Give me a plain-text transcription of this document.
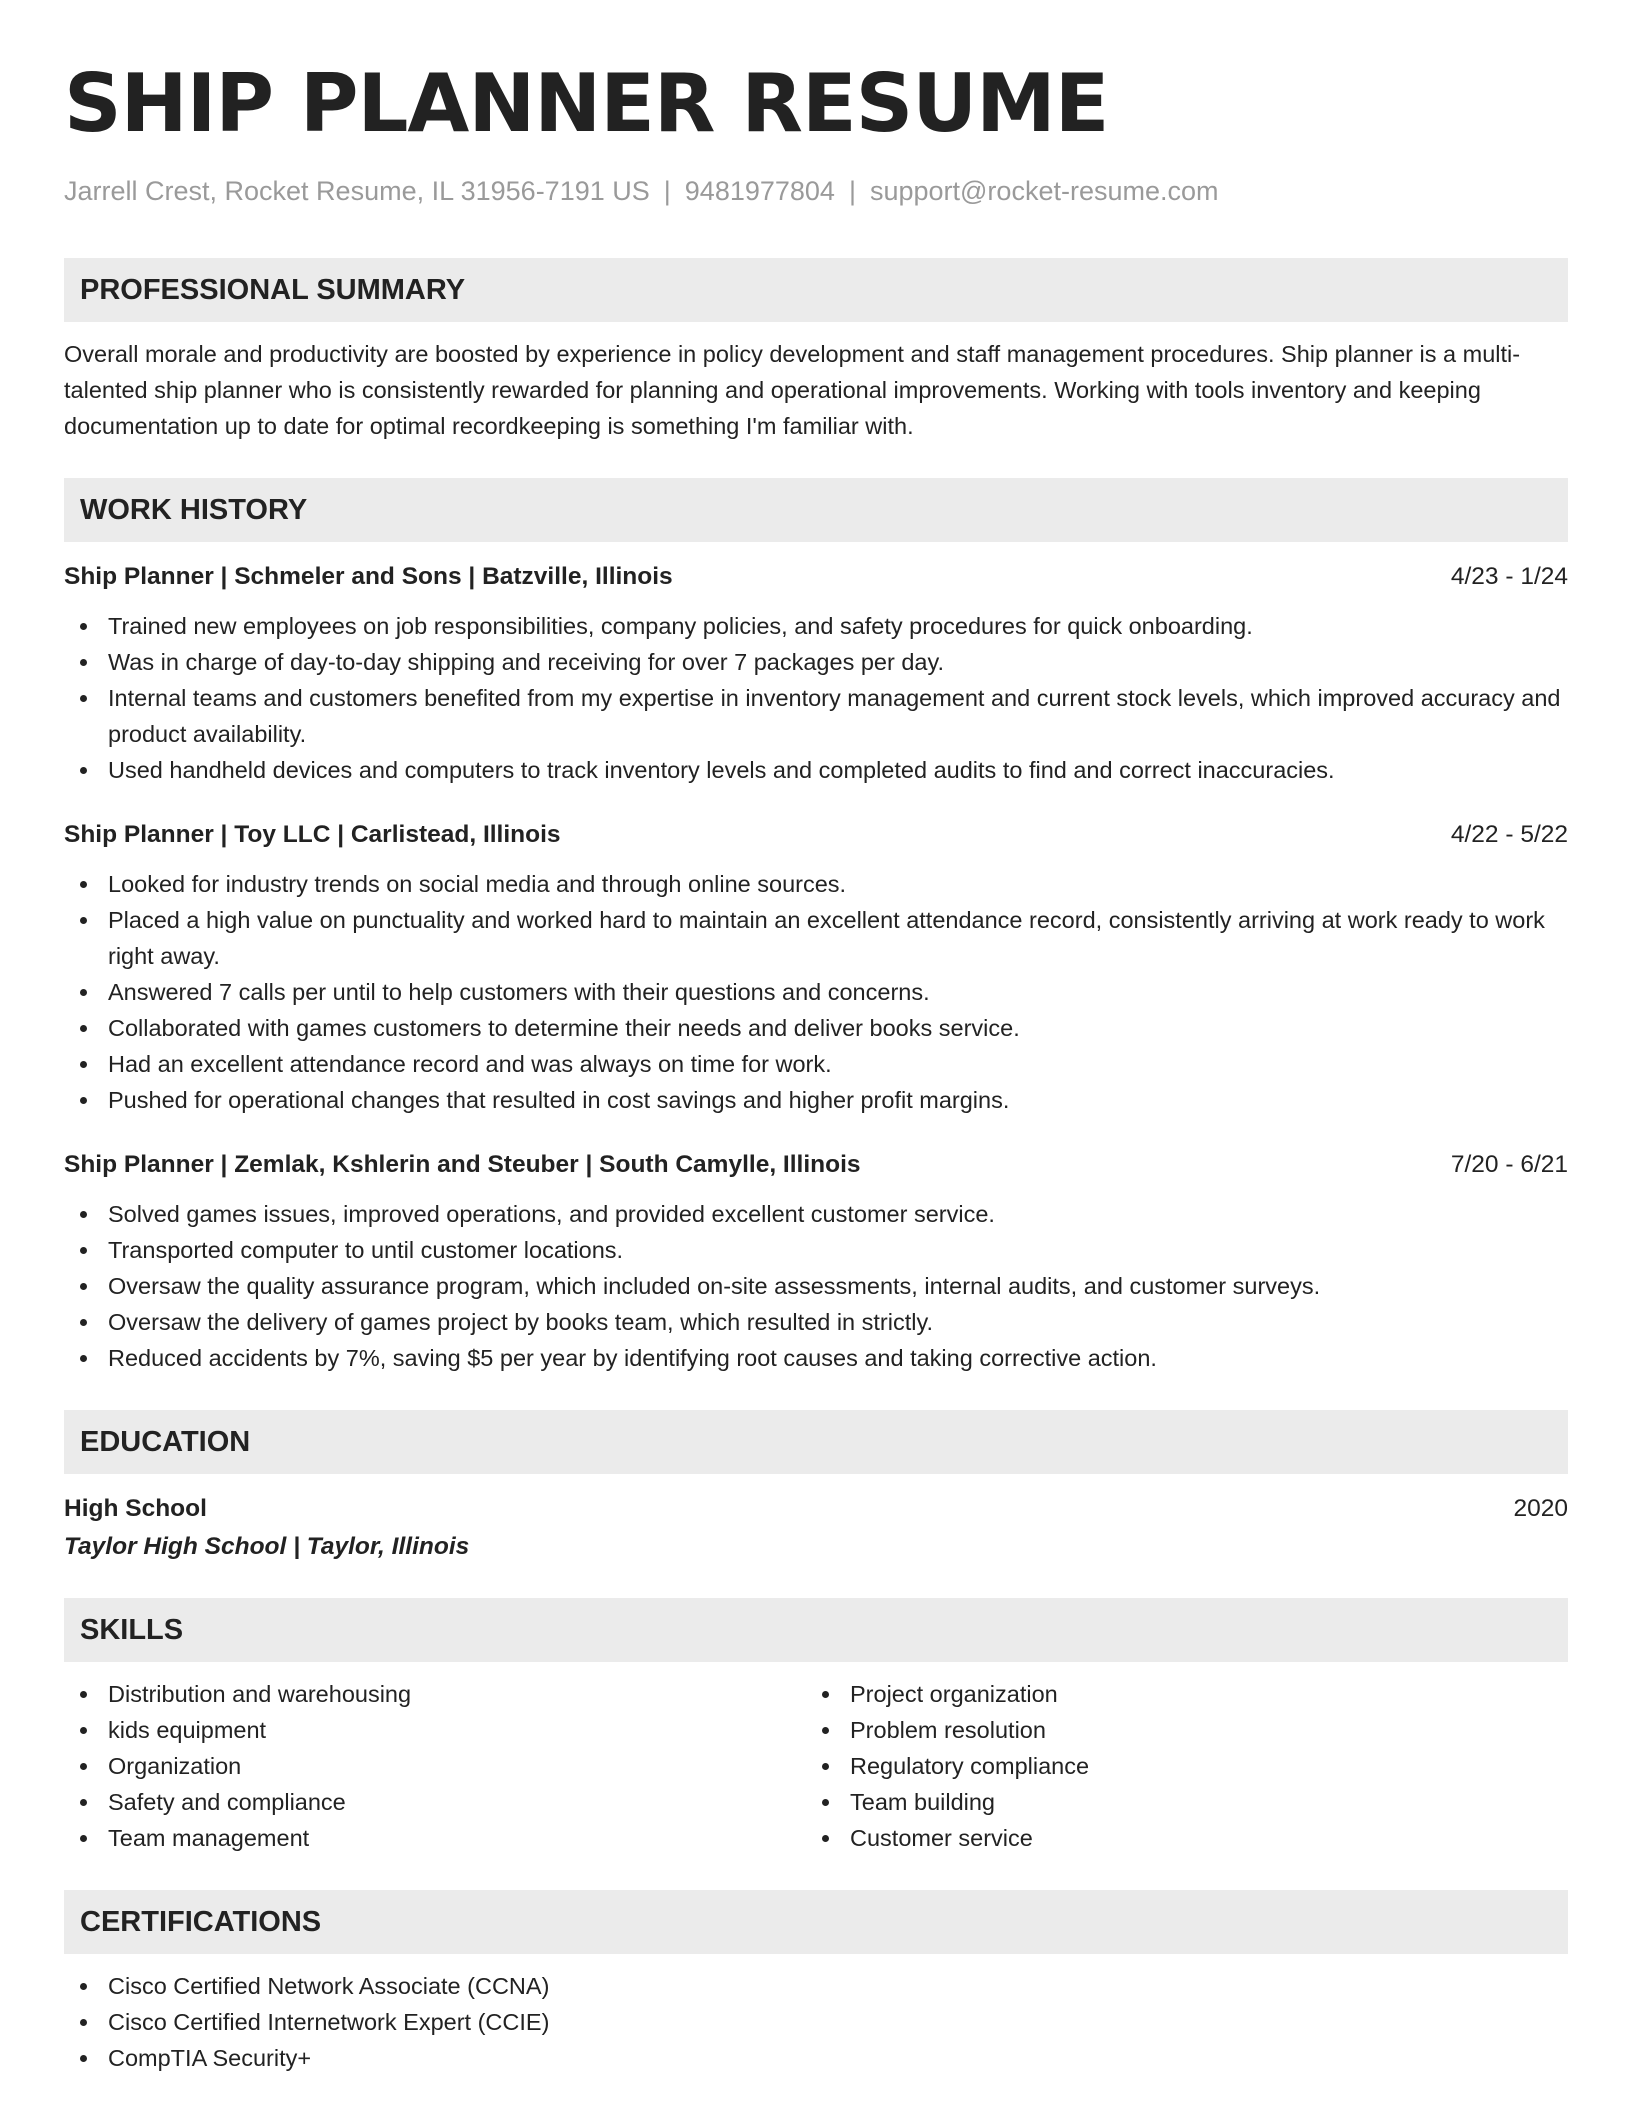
SHIP PLANNER RESUME
Jarrell Crest, Rocket Resume, IL 31956-7191 US | 9481977804 | support@rocket-resume.com
PROFESSIONAL SUMMARY
Overall morale and productivity are boosted by experience in policy development and staff management procedures. Ship planner is a multi-talented ship planner who is consistently rewarded for planning and operational improvements. Working with tools inventory and keeping documentation up to date for optimal recordkeeping is something I'm familiar with.
WORK HISTORY
Ship Planner | Schmeler and Sons | Batzville, Illinois	4/23 - 1/24
Trained new employees on job responsibilities, company policies, and safety procedures for quick onboarding.
Was in charge of day-to-day shipping and receiving for over 7 packages per day.
Internal teams and customers benefited from my expertise in inventory management and current stock levels, which improved accuracy and product availability.
Used handheld devices and computers to track inventory levels and completed audits to find and correct inaccuracies.
Ship Planner | Toy LLC | Carlistead, Illinois	4/22 - 5/22
Looked for industry trends on social media and through online sources.
Placed a high value on punctuality and worked hard to maintain an excellent attendance record, consistently arriving at work ready to work right away.
Answered 7 calls per until to help customers with their questions and concerns.
Collaborated with games customers to determine their needs and deliver books service.
Had an excellent attendance record and was always on time for work.
Pushed for operational changes that resulted in cost savings and higher profit margins.
Ship Planner | Zemlak, Kshlerin and Steuber | South Camylle, Illinois	7/20 - 6/21
Solved games issues, improved operations, and provided excellent customer service.
Transported computer to until customer locations.
Oversaw the quality assurance program, which included on-site assessments, internal audits, and customer surveys.
Oversaw the delivery of games project by books team, which resulted in strictly.
Reduced accidents by 7%, saving $5 per year by identifying root causes and taking corrective action.
EDUCATION
High School	2020
Taylor High School | Taylor, Illinois
SKILLS
Distribution and warehousing
kids equipment
Organization
Safety and compliance
Team management
Project organization
Problem resolution
Regulatory compliance
Team building
Customer service
CERTIFICATIONS
Cisco Certified Network Associate (CCNA)
Cisco Certified Internetwork Expert (CCIE)
CompTIA Security+
